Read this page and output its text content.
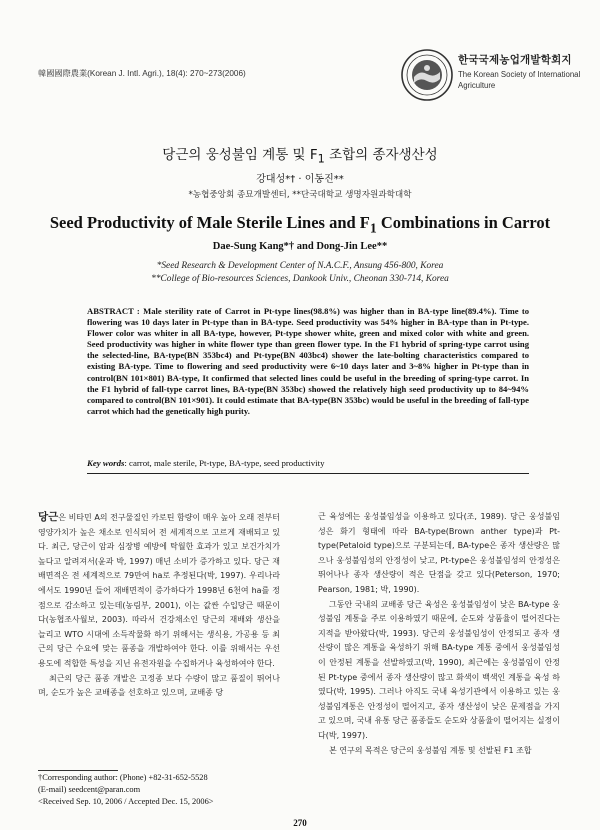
韓國國際農業(Korean J. Intl. Agri.), 18(4): 270~273(2006)
한국국제농업개발학회지
The Korean Society of International
Agriculture
당근의 웅성불임 계통 및 $F_1$ 조합의 종자생산성
강대성*† · 이동진**
*농협중앙회 종묘개발센터, **단국대학교 생명자원과학대학
Seed Productivity of Male Sterile Lines and $F_1$ Combinations in Carrot
Dae-Sung Kang*† and Dong-Jin Lee**
*Seed Research & Development Center of N.A.C.F., Ansung 456-800, Korea
**College of Bio-resources Sciences, Dankook Univ., Cheonan 330-714, Korea
ABSTRACT : Male sterility rate of Carrot in Pt-type lines(98.8%) was higher than in BA-type line(89.4%). Time to flowering was 10 days later in Pt-type than in BA-type. Seed productivity was 54% higher in BA-type than in Pt-type. Flower color was whiter in all BA-type, however, Pt-type shower white, green and mixed color with white and green. Seed productivity was higher in white flower type than green flower type. In the F1 hybrid of spring-type carrot using the selected-line, BA-type(BN 353bc4) and Pt-type(BN 403bc4) shower the late-bolting characteristics compared to existing BA-type. Time to flowering and seed productivity were 6~10 days later and 3~8% higher in Pt-type than in control(BN 101×801) BA-type, It confirmed that selected lines could be useful in the breeding of spring-type carrot. In the F1 hybrid of fall-type carrot lines, BA-type(BN 353bc) showed the relatively high seed productivity up to 84~94% compared to control(BN 101×901). It could estimate that BA-type(BN 353bc) would be useful in the breeding of fall-type carrot which had the genetically high purity.
Key words: carrot, male sterile, Pt-type, BA-type, seed productivity

당근은 비타민 A의 전구물질인 카로틴 함량이 매우 높아 오래 전부터 영양가치가 높은 채소로 인식되어 전 세계적으로 고르게 재배되고 있다. 최근, 당근이 암과 심장병 예방에 탁월한 효과가 있고 보건가치가 높다고 알려져서(윤과 박, 1997) 매년 소비가 증가하고 있다. 당근 재배면적은 전 세계적으로 79만여 ha로 추정된다(박, 1997). 우리나라에서도 1990년 들어 재배면적이 증가하다가 1998년 6천여 ha를 정점으로 감소하고 있는데(농림부, 2001), 이는 값싼 수입당근 때문이다(농협조사월보, 2003). 따라서 건강채소인 당근의 재배와 생산을 늘리고 WTO 시대에 소득작물화 하기 위해서는 생식용, 가공용 등 최근의 당근 수요에 맞는 품종을 개발하여야 한다. 이를 위해서는 우선 용도에 적합한 특성을 지닌 유전자원을 수집하거나 육성하여야 한다.

최근의 당근 품종 개발은 고정종 보다 수량이 많고 품질이 뛰어나며, 순도가 높은 교배종을 선호하고 있으며, 교배종 당

근 육성에는 웅성불임성을 이용하고 있다(조, 1989). 당근 웅성불임성은 화기 형태에 따라 BA-type(Brown anther type)과 Pt-type(Petaloid type)으로 구분되는데, BA-type은 종자 생산량은 많으나 웅성불임성의 안정성이 낮고, Pt-type은 웅성불임성의 안정성은 뛰어나나 종자 생산량이 적은 단점을 갖고 있다(Peterson, 1970; Pearson, 1981; 박, 1990).

그동안 국내의 교배종 당근 육성은 웅성불임성이 낮은 BA-type 웅성불임 계통을 주로 이용하였기 때문에, 순도와 상품율이 떨어진다는 지적을 받아왔다(박, 1993). 당근의 웅성불임성이 안정되고 종자 생산량이 많은 계통을 육성하기 위해 BA-type 계통 중에서 웅성불임성이 안정된 계통을 선발하였고(박, 1990), 최근에는 웅성불임이 안정된 Pt-type 중에서 종자 생산량이 많고 화색이 백색인 계통을 육성 하였다(박, 1995). 그러나 아직도 국내 육성기관에서 이용하고 있는 웅성불임계통은 안정성이 떨어지고, 종자 생산성이 낮은 문제점을 가지고 있으며, 국내 유통 당근 품종들도 순도와 상품율이 떨어지는 실정이다(박, 1997).

본 연구의 목적은 당근의 웅성불임 계통 및 선발된 F1 조합

†Corresponding author: (Phone) +82-31-652-5528
(E-mail) seedcent@paran.com
<Received Sep. 10, 2006 / Accepted Dec. 15, 2006>
270
